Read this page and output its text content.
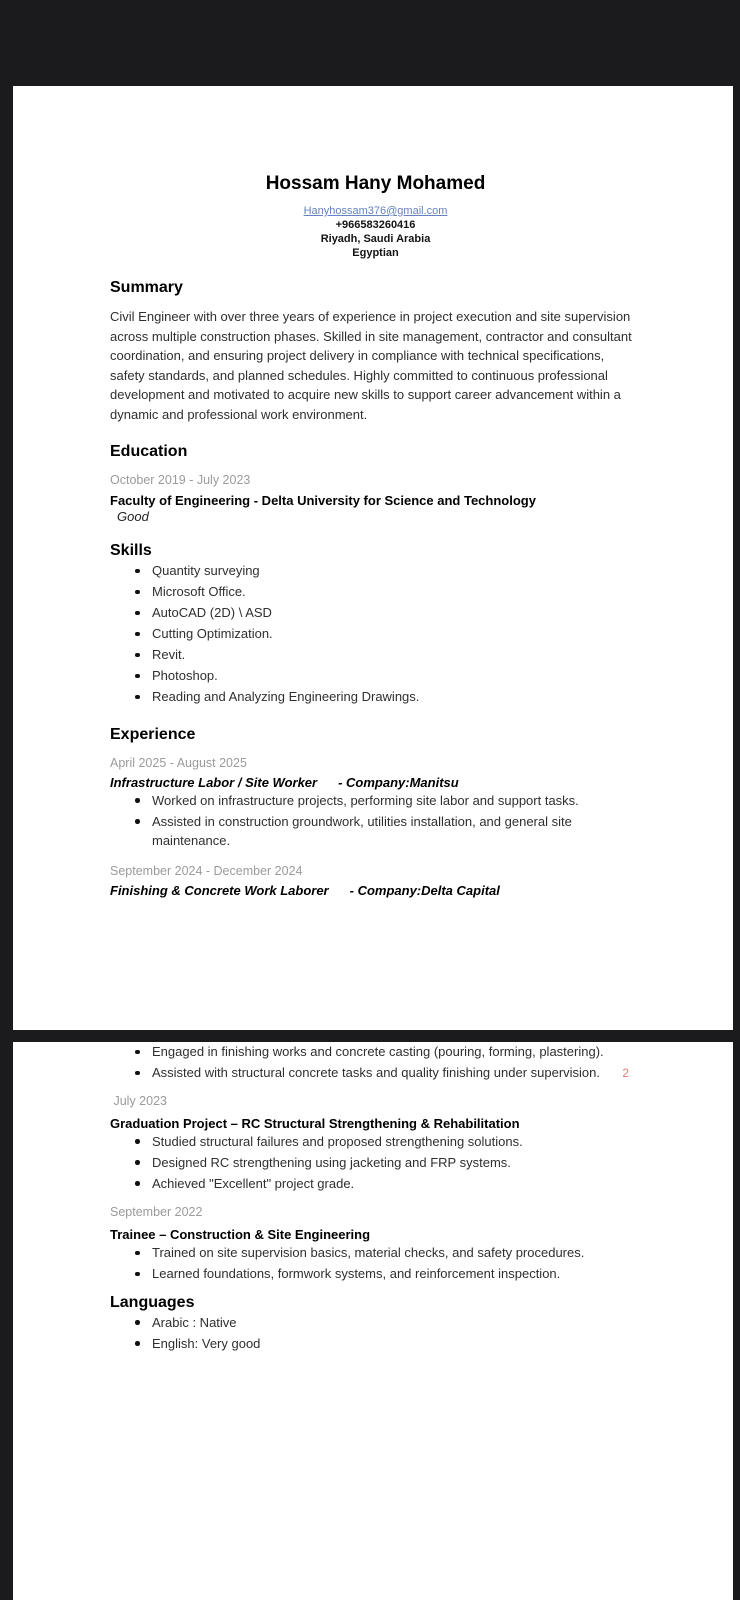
Hossam Hany Mohamed
Hanyhossam376@gmail.com
+966583260416
Riyadh, Saudi Arabia
Egyptian
Summary
Civil Engineer with over three years of experience in project execution and site supervision across multiple construction phases. Skilled in site management, contractor and consultant coordination, and ensuring project delivery in compliance with technical specifications, safety standards, and planned schedules. Highly committed to continuous professional development and motivated to acquire new skills to support career advancement within a dynamic and professional work environment.
Education
October 2019 - July 2023
Faculty of Engineering - Delta University for Science and Technology
Good
Skills
Quantity surveying
Microsoft Office.
AutoCAD (2D) \ ASD
Cutting Optimization.
Revit.
Photoshop.
Reading and Analyzing Engineering Drawings.
Experience
April 2025 - August 2025
Infrastructure Labor / Site Worker - Company:Manitsu
Worked on infrastructure projects, performing site labor and support tasks.
Assisted in construction groundwork, utilities installation, and general site maintenance.
September 2024 - December 2024
Finishing & Concrete Work Laborer - Company:Delta Capital
2
Engaged in finishing works and concrete casting (pouring, forming, plastering).
Assisted with structural concrete tasks and quality finishing under supervision.
July 2023
Graduation Project – RC Structural Strengthening & Rehabilitation
Studied structural failures and proposed strengthening solutions.
Designed RC strengthening using jacketing and FRP systems.
Achieved "Excellent" project grade.
September 2022
Trainee – Construction & Site Engineering
Trained on site supervision basics, material checks, and safety procedures.
Learned foundations, formwork systems, and reinforcement inspection.
Languages
Arabic : Native
English: Very good
